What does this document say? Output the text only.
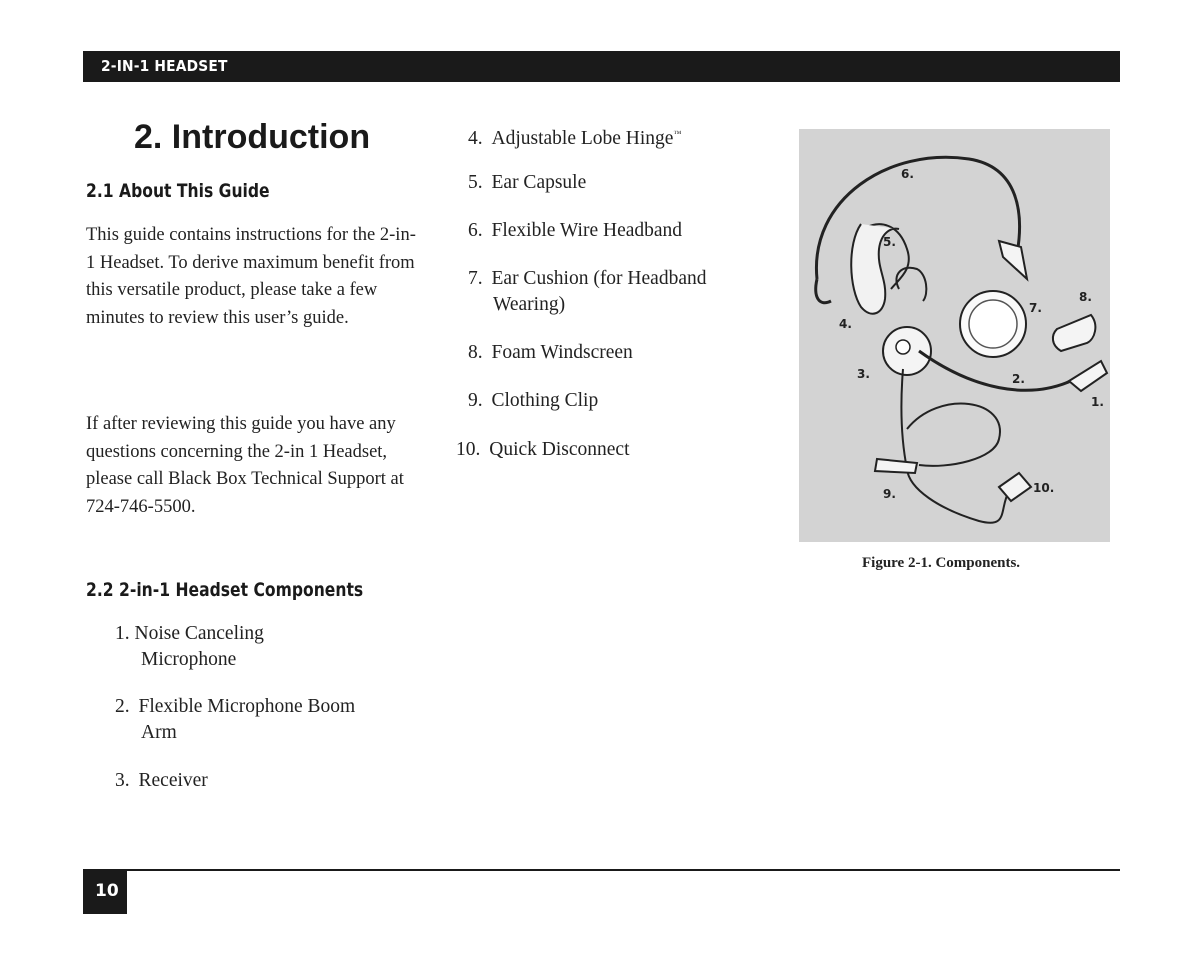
2-IN-1 HEADSET
2. Introduction
2.1 About This Guide

This guide contains instructions for the 2-in-1 Headset. To derive maximum benefit from this versatile product, please take a few minutes to review this user’s guide.

If after reviewing this guide you have any questions concerning the 2-in 1 Headset, please call Black Box Technical Support at 724-746-5500.

2.2 2-in-1 Headset Components
1. Noise Canceling
Microphone
2. Flexible Microphone Boom
Arm
3. Receiver
4. Adjustable Lobe Hinge™
5. Ear Capsule
6. Flexible Wire Headband
7. Ear Cushion (for Headband
Wearing)
8. Foam Windscreen
9. Clothing Clip
10. Quick Disconnect
6.
5.
7.
8.
4.
3.	2.
1.
10.
9.
Figure 2-1. Components.
10
